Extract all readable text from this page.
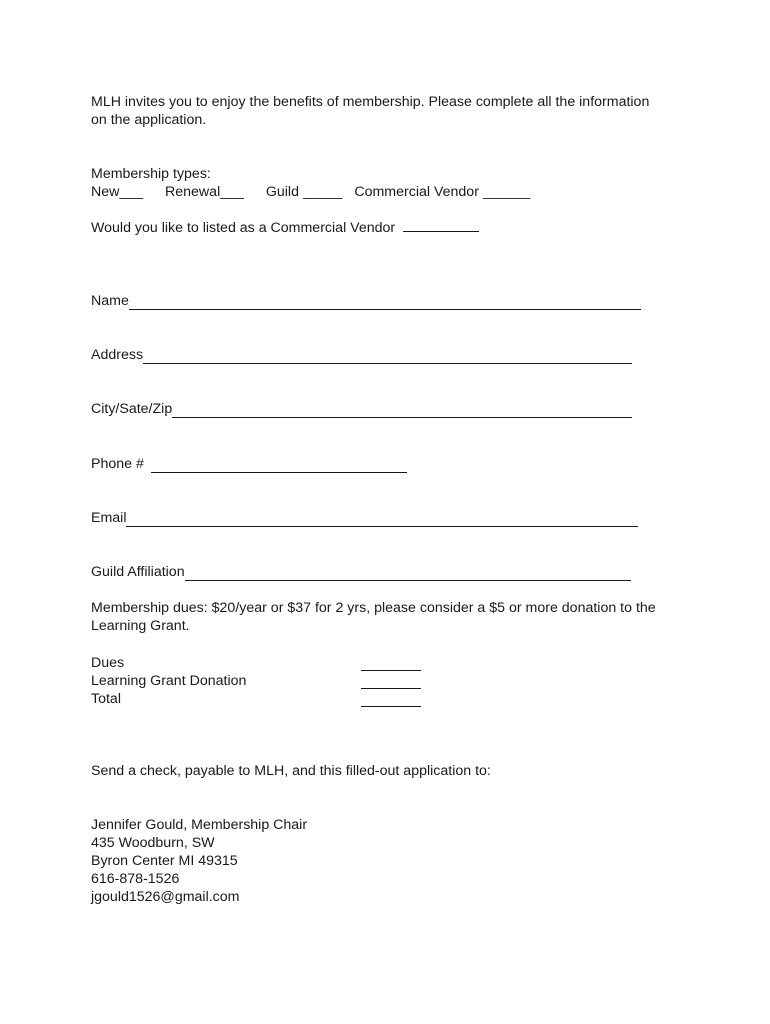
MLH invites you to enjoy the benefits of membership. Please complete all the information on the application.
Membership types:
New___ Renewal___ Guild _____ Commercial Vendor ______
Would you like to listed as a Commercial Vendor
Name
Address
City/Sate/Zip
Phone #
Email
Guild Affiliation
Membership dues: $20/year or $37 for 2 yrs, please consider a $5 or more donation to the Learning Grant.
Dues
Learning Grant Donation
Total
Send a check, payable to MLH, and this filled-out application to:
Jennifer Gould, Membership Chair
435 Woodburn, SW
Byron Center MI 49315
616-878-1526
jgould1526@gmail.com
